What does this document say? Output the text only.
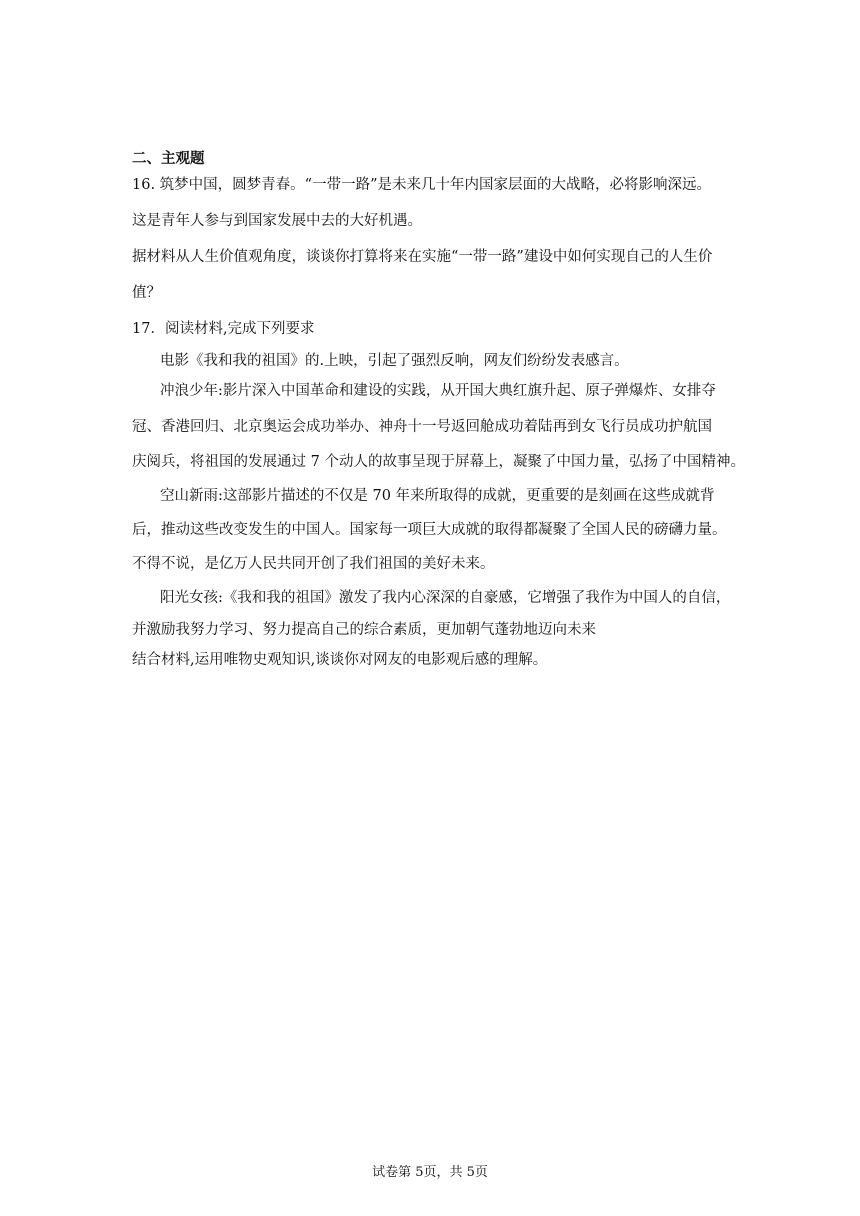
二、主观题
16. 筑梦中国，圆梦青春。“一带一路”是未来几十年内国家层面的大战略，必将影响深远。
这是青年人参与到国家发展中去的大好机遇。
据材料从人生价值观角度，谈谈你打算将来在实施“一带一路”建设中如何实现自己的人生价
值？
17．阅读材料,完成下列要求
电影《我和我的祖国》的.上映，引起了强烈反响，网友们纷纷发表感言。
冲浪少年:影片深入中国革命和建设的实践，从开国大典红旗升起、原子弹爆炸、女排夺
冠、香港回归、北京奥运会成功举办、神舟十一号返回舱成功着陆再到女飞行员成功护航国
庆阅兵，将祖国的发展通过 7 个动人的故事呈现于屏幕上，凝聚了中国力量，弘扬了中国精神。
空山新雨:这部影片描述的不仅是 70 年来所取得的成就，更重要的是刻画在这些成就背
后，推动这些改变发生的中国人。国家每一项巨大成就的取得都凝聚了全国人民的磅礴力量。
不得不说，是亿万人民共同开创了我们祖国的美好未来。
阳光女孩:《我和我的祖国》激发了我内心深深的自豪感，它增强了我作为中国人的自信，
并激励我努力学习、努力提高自己的综合素质，更加朝气蓬勃地迈向未来
结合材料,运用唯物史观知识,谈谈你对网友的电影观后感的理解。
试卷第 5页，共 5页
